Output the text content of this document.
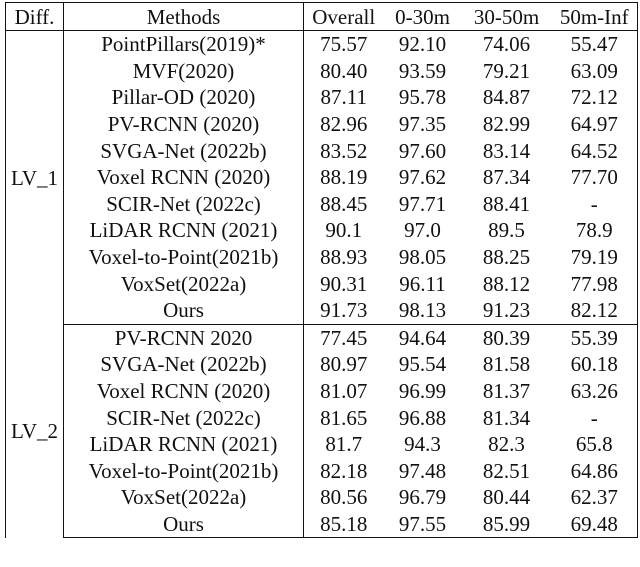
Diff.	Methods	Overall	0-30m	30-50m	50m-Inf
LV_1	PointPillars(2019)*	75.57	92.10	74.06	55.47
	MVF(2020)	80.40	93.59	79.21	63.09
	Pillar-OD (2020)	87.11	95.78	84.87	72.12
	PV-RCNN (2020)	82.96	97.35	82.99	64.97
	SVGA-Net (2022b)	83.52	97.60	83.14	64.52
	Voxel RCNN (2020)	88.19	97.62	87.34	77.70
	SCIR-Net (2022c)	88.45	97.71	88.41	-
	LiDAR RCNN (2021)	90.1	97.0	89.5	78.9
	Voxel-to-Point(2021b)	88.93	98.05	88.25	79.19
	VoxSet(2022a)	90.31	96.11	88.12	77.98
	Ours	91.73	98.13	91.23	82.12
LV_2	PV-RCNN 2020	77.45	94.64	80.39	55.39
	SVGA-Net (2022b)	80.97	95.54	81.58	60.18
	Voxel RCNN (2020)	81.07	96.99	81.37	63.26
	SCIR-Net (2022c)	81.65	96.88	81.34	-
	LiDAR RCNN (2021)	81.7	94.3	82.3	65.8
	Voxel-to-Point(2021b)	82.18	97.48	82.51	64.86
	VoxSet(2022a)	80.56	96.79	80.44	62.37
	Ours	85.18	97.55	85.99	69.48
